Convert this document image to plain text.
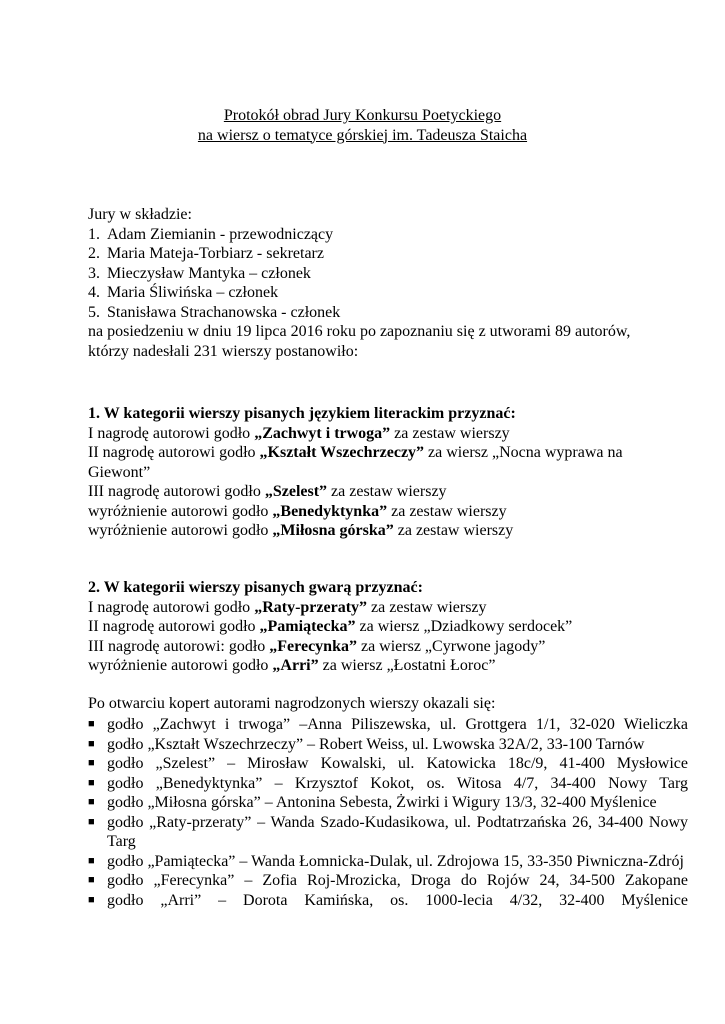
Protokół obrad Jury Konkursu Poetyckiego
na wiersz o tematyce górskiej im. Tadeusza Staicha
Jury w składzie:
1. Adam Ziemianin - przewodniczący
2. Maria Mateja-Torbiarz - sekretarz
3. Mieczysław Mantyka – członek
4. Maria Śliwińska – członek
5. Stanisława Strachanowska - członek
na posiedzeniu w dniu 19 lipca 2016 roku po zapoznaniu się z utworami 89 autorów,
którzy nadesłali 231 wierszy postanowiło:
1. W kategorii wierszy pisanych językiem literackim przyznać:
I nagrodę autorowi godło „Zachwyt i trwoga” za zestaw wierszy
II nagrodę autorowi godło „Kształt Wszechrzeczy” za wiersz „Nocna wyprawa na
Giewont”
III nagrodę autorowi godło „Szelest” za zestaw wierszy
wyróżnienie autorowi godło „Benedyktynka” za zestaw wierszy
wyróżnienie autorowi godło „Miłosna górska” za zestaw wierszy
2. W kategorii wierszy pisanych gwarą przyznać:
I nagrodę autorowi godło „Raty-przeraty” za zestaw wierszy
II nagrodę autorowi godło „Pamiątecka” za wiersz „Dziadkowy serdocek”
III nagrodę autorowi: godło „Ferecynka” za wiersz „Cyrwone jagody”
wyróżnienie autorowi godło „Arri” za wiersz „Łostatni Łoroc”
Po otwarciu kopert autorami nagrodzonych wierszy okazali się:
■ godło „Zachwyt i trwoga” –Anna Piliszewska, ul. Grottgera 1/1, 32-020 Wieliczka
■ godło „Kształt Wszechrzeczy” – Robert Weiss, ul. Lwowska 32A/2, 33-100 Tarnów
■ godło „Szelest” – Mirosław Kowalski, ul. Katowicka 18c/9, 41-400 Mysłowice
■ godło „Benedyktynka” – Krzysztof Kokot, os. Witosa 4/7, 34-400 Nowy Targ
■ godło „Miłosna górska” – Antonina Sebesta, Żwirki i Wigury 13/3, 32-400 Myślenice
■ godło „Raty-przeraty” – Wanda Szado-Kudasikowa, ul. Podtatrzańska 26, 34-400 Nowy Targ
■ godło „Pamiątecka” – Wanda Łomnicka-Dulak, ul. Zdrojowa 15, 33-350 Piwniczna-Zdrój
■ godło „Ferecynka” – Zofia Roj-Mrozicka, Droga do Rojów 24, 34-500 Zakopane
■ godło „Arri” – Dorota Kamińska, os. 1000-lecia 4/32, 32-400 Myślenice
